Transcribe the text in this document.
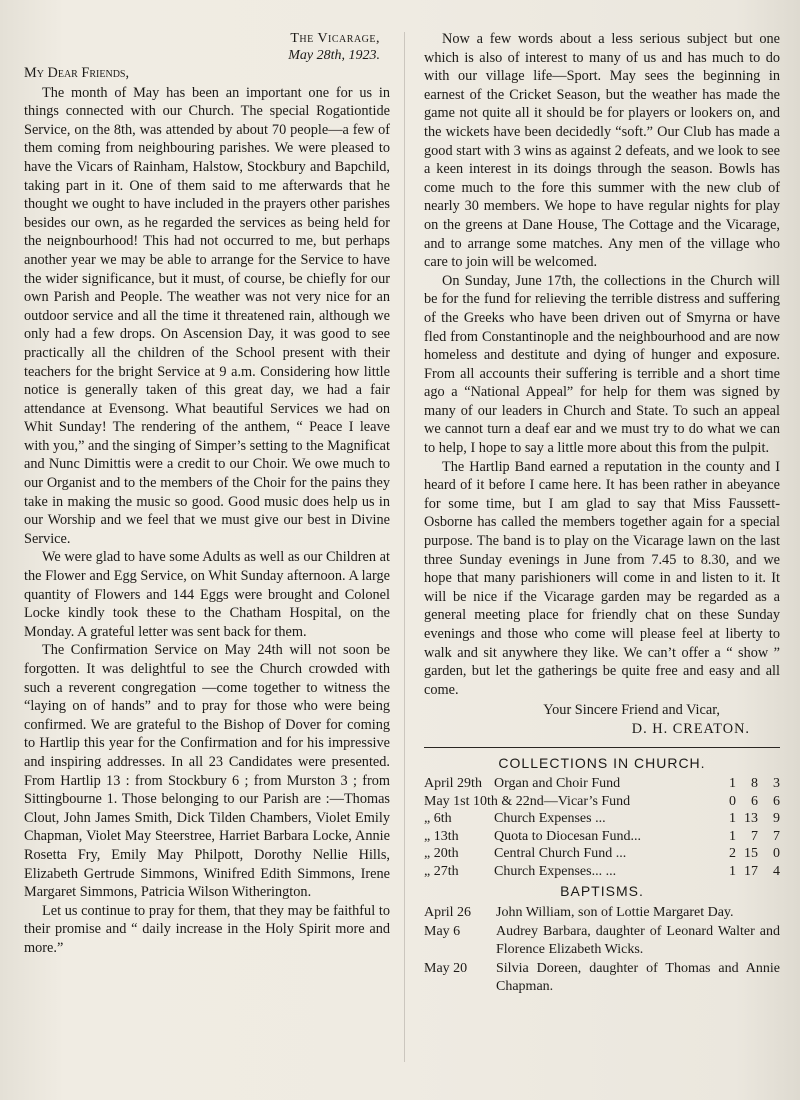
The Vicarage,

May 28th, 1923.
My Dear Friends,

The month of May has been an important one for us in things connected with our Church. The special Rogationtide Service, on the 8th, was attended by about 70 people—a few of them coming from neighbouring parishes. We were pleased to have the Vicars of Rainham, Halstow, Stockbury and Bapchild, taking part in it. One of them said to me afterwards that he thought we ought to have included in the prayers other parishes besides our own, as he regarded the services as being held for the neignbourhood! This had not occurred to me, but perhaps another year we may be able to arrange for the Service to have the wider significance, but it must, of course, be chiefly for our own Parish and People. The weather was not very nice for an outdoor service and all the time it threatened rain, although we only had a few drops. On Ascension Day, it was good to see practically all the children of the School present with their teachers for the bright Service at 9 a.m. Considering how little notice is generally taken of this great day, we had a fair attendance at Evensong. What beautiful Services we had on Whit Sunday! The rendering of the anthem, “ Peace I leave with you,” and the singing of Simper’s setting to the Magnificat and Nunc Dimittis were a credit to our Choir. We owe much to our Organist and to the members of the Choir for the pains they take in making the music so good. Good music does help us in our Worship and we feel that we must give our best in Divine Service.

We were glad to have some Adults as well as our Children at the Flower and Egg Service, on Whit Sunday afternoon. A large quantity of Flowers and 144 Eggs were brought and Colonel Locke kindly took these to the Chatham Hospital, on the Monday. A grateful letter was sent back for them.

The Confirmation Service on May 24th will not soon be forgotten. It was delightful to see the Church crowded with such a reverent congregation —come together to witness the “laying on of hands” and to pray for those who were being confirmed. We are grateful to the Bishop of Dover for coming to Hartlip this year for the Confirmation and for his impressive and inspiring addresses. In all 23 Candidates were presented. From Hartlip 13 : from Stockbury 6 ; from Murston 3 ; from Sittingbourne 1. Those belonging to our Parish are :—Thomas Clout, John James Smith, Dick Tilden Chambers, Violet Emily Chapman, Violet May Steerstree, Harriet Barbara Locke, Annie Rosetta Fry, Emily May Philpott, Dorothy Nellie Hills, Elizabeth Gertrude Simmons, Winifred Edith Simmons, Irene Margaret Simmons, Patricia Wilson Witherington.

Let us continue to pray for them, that they may be faithful to their promise and “ daily increase in the Holy Spirit more and more.”

Now a few words about a less serious subject but one which is also of interest to many of us and has much to do with our village life—Sport. May sees the beginning in earnest of the Cricket Season, but the weather has made the game not quite all it should be for players or lookers on, and the wickets have been decidedly “soft.” Our Club has made a good start with 3 wins as against 2 defeats, and we look to see a keen interest in its doings through the season. Bowls has come much to the fore this summer with the new club of nearly 30 members. We hope to have regular nights for play on the greens at Dane House, The Cottage and the Vicarage, and to arrange some matches. Any men of the village who care to join will be welcomed.

On Sunday, June 17th, the collections in the Church will be for the fund for relieving the terrible distress and suffering of the Greeks who have been driven out of Smyrna or have fled from Constantinople and the neighbourhood and are now homeless and destitute and dying of hunger and exposure. From all accounts their suffering is terrible and a short time ago a “National Appeal” for help for them was signed by many of our leaders in Church and State. To such an appeal we cannot turn a deaf ear and we must try to do what we can to help, I hope to say a little more about this from the pulpit.

The Hartlip Band earned a reputation in the county and I heard of it before I came here. It has been rather in abeyance for some time, but I am glad to say that Miss Faussett-Osborne has called the members together again for a special purpose. The band is to play on the Vicarage lawn on the last three Sunday evenings in June from 7.45 to 8.30, and we hope that many parishioners will come in and listen to it. It will be nice if the Vicarage garden may be regarded as a general meeting place for friendly chat on these Sunday evenings and those who come will please feel at liberty to walk and sit anywhere they like. We can’t offer a “ show ” garden, but let the gatherings be quite free and easy and all come.

Your Sincere Friend and Vicar,
D. H. CREATON.
COLLECTIONS IN CHURCH.
April 29th	Organ and Choir Fund	1	8	3
May 1st 10th & 22nd—Vicar’s Fund		0	6	6
„ 6th	Church Expenses ...	1	13	9
„ 13th	Quota to Diocesan Fund...	1	7	7
„ 20th	Central Church Fund ...	2	15	0
„ 27th	Church Expenses... ...	1	17	4
BAPTISMS.
April 26	John William, son of Lottie Margaret Day.
May 6	Audrey Barbara, daughter of Leonard Walter and Florence Elizabeth Wicks.
May 20	Silvia Doreen, daughter of Thomas and Annie Chapman.
